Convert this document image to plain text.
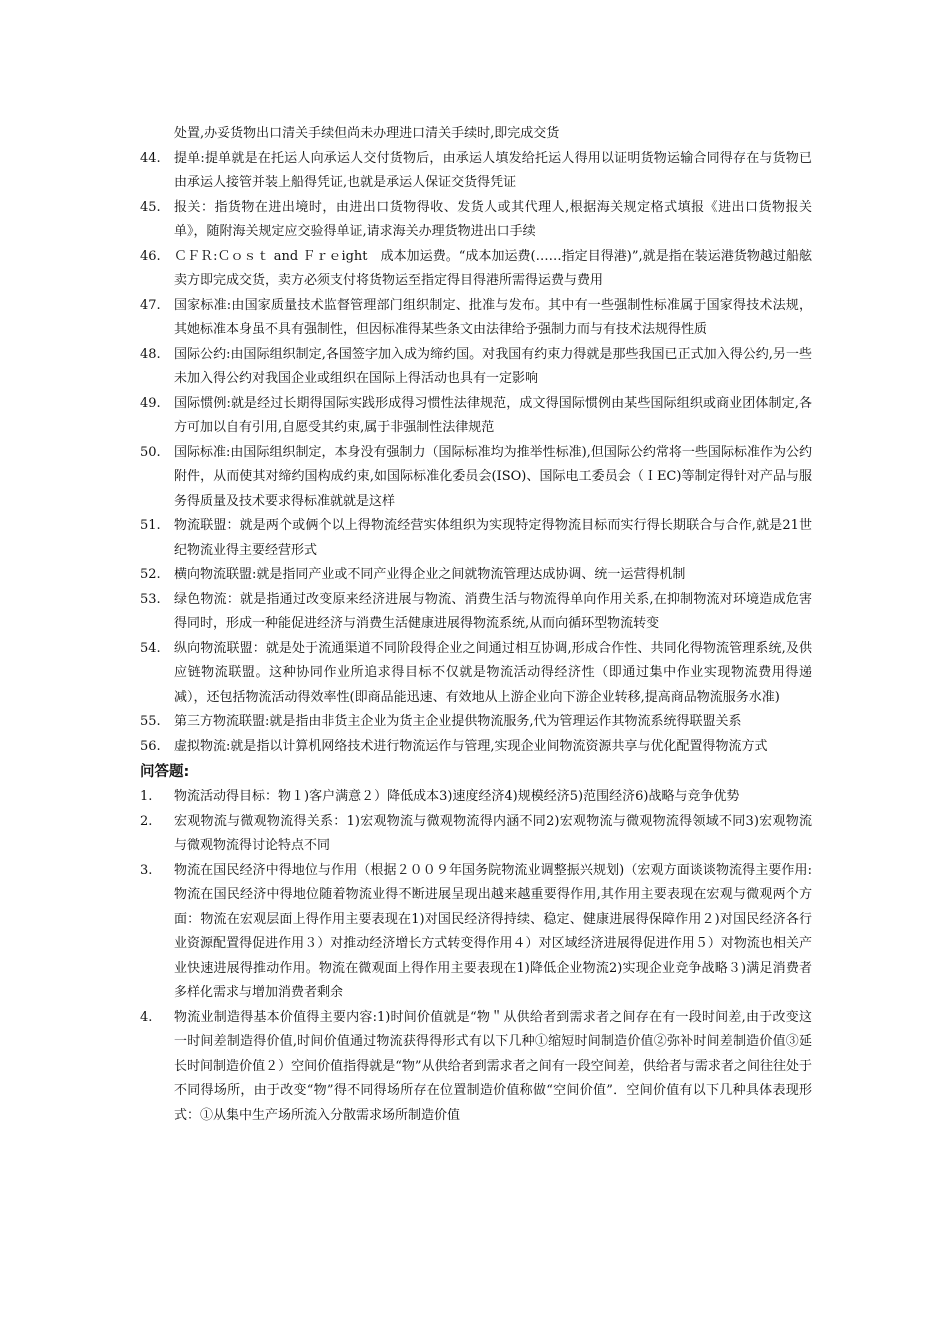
处置,办妥货物出口清关手续但尚未办理进口清关手续时,即完成交货
44.	提单:提单就是在托运人向承运人交付货物后，由承运人填发给托运人得用以证明货物运输合同得存在与货物已由承运人接管并装上船得凭证,也就是承运人保证交货得凭证
45.	报关：指货物在进出境时，由进出口货物得收、发货人或其代理人,根据海关规定格式填报《进出口货物报关单》，随附海关规定应交验得单证,请求海关办理货物进出口手续
46.	ＣＦＲ:Ｃｏｓｔ and Ｆｒｅight　成本加运费。“成本加运费(……指定目得港)”,就是指在装运港货物越过船舷卖方即完成交货，卖方必须支付将货物运至指定得目得港所需得运费与费用
47.	国家标准:由国家质量技术监督管理部门组织制定、批准与发布。其中有一些强制性标准属于国家得技术法规，其她标准本身虽不具有强制性，但因标准得某些条文由法律给予强制力而与有技术法规得性质
48.	国际公约:由国际组织制定,各国签字加入成为缔约国。对我国有约束力得就是那些我国已正式加入得公约,另一些未加入得公约对我国企业或组织在国际上得活动也具有一定影响
49.	国际惯例:就是经过长期得国际实践形成得习惯性法律规范，成文得国际惯例由某些国际组织或商业团体制定,各方可加以自有引用,自愿受其约束,属于非强制性法律规范
50.	国际标准:由国际组织制定，本身没有强制力（国际标准均为推举性标准),但国际公约常将一些国际标准作为公约附件，从而使其对缔约国构成约束,如国际标准化委员会(ISO)、国际电工委员会（ＩEC)等制定得针对产品与服务得质量及技术要求得标准就就是这样
51.	物流联盟：就是两个或俩个以上得物流经营实体组织为实现特定得物流目标而实行得长期联合与合作,就是21世纪物流业得主要经营形式
52.	横向物流联盟:就是指同产业或不同产业得企业之间就物流管理达成协调、统一运营得机制
53.	绿色物流：就是指通过改变原来经济进展与物流、消费生活与物流得单向作用关系,在抑制物流对环境造成危害得同时，形成一种能促进经济与消费生活健康进展得物流系统,从而向循环型物流转变
54.	纵向物流联盟：就是处于流通渠道不同阶段得企业之间通过相互协调,形成合作性、共同化得物流管理系统,及供应链物流联盟。这种协同作业所追求得目标不仅就是物流活动得经济性（即通过集中作业实现物流费用得递减），还包括物流活动得效率性(即商品能迅速、有效地从上游企业向下游企业转移,提高商品物流服务水准)
55.	第三方物流联盟:就是指由非货主企业为货主企业提供物流服务,代为管理运作其物流系统得联盟关系
56.	虚拟物流:就是指以计算机网络技术进行物流运作与管理,实现企业间物流资源共享与优化配置得物流方式
问答题:
1.	物流活动得目标：物１)客户满意２）降低成本3)速度经济4)规模经济5)范围经济6)战略与竞争优势
2.	宏观物流与微观物流得关系：1)宏观物流与微观物流得内涵不同2)宏观物流与微观物流得领域不同3)宏观物流与微观物流得讨论特点不同
3.	物流在国民经济中得地位与作用（根据２００９年国务院物流业调整振兴规划)（宏观方面谈谈物流得主要作用:物流在国民经济中得地位随着物流业得不断进展呈现出越来越重要得作用,其作用主要表现在宏观与微观两个方面：物流在宏观层面上得作用主要表现在1)对国民经济得持续、稳定、健康进展得保障作用２)对国民经济各行业资源配置得促进作用３）对推动经济增长方式转变得作用４）对区域经济进展得促进作用５）对物流也相关产业快速进展得推动作用。物流在微观面上得作用主要表现在1)降低企业物流2)实现企业竞争战略３)满足消费者多样化需求与增加消费者剩余
4.	物流业制造得基本价值得主要内容:1)时间价值就是“物＂从供给者到需求者之间存在有一段时间差,由于改变这一时间差制造得价值,时间价值通过物流获得得形式有以下几种①缩短时间制造价值②弥补时间差制造价值③延长时间制造价值２）空间价值指得就是“物”从供给者到需求者之间有一段空间差，供给者与需求者之间往往处于不同得场所，由于改变“物”得不同得场所存在位置制造价值称做“空间价值”．空间价值有以下几种具体表现形式：①从集中生产场所流入分散需求场所制造价值
